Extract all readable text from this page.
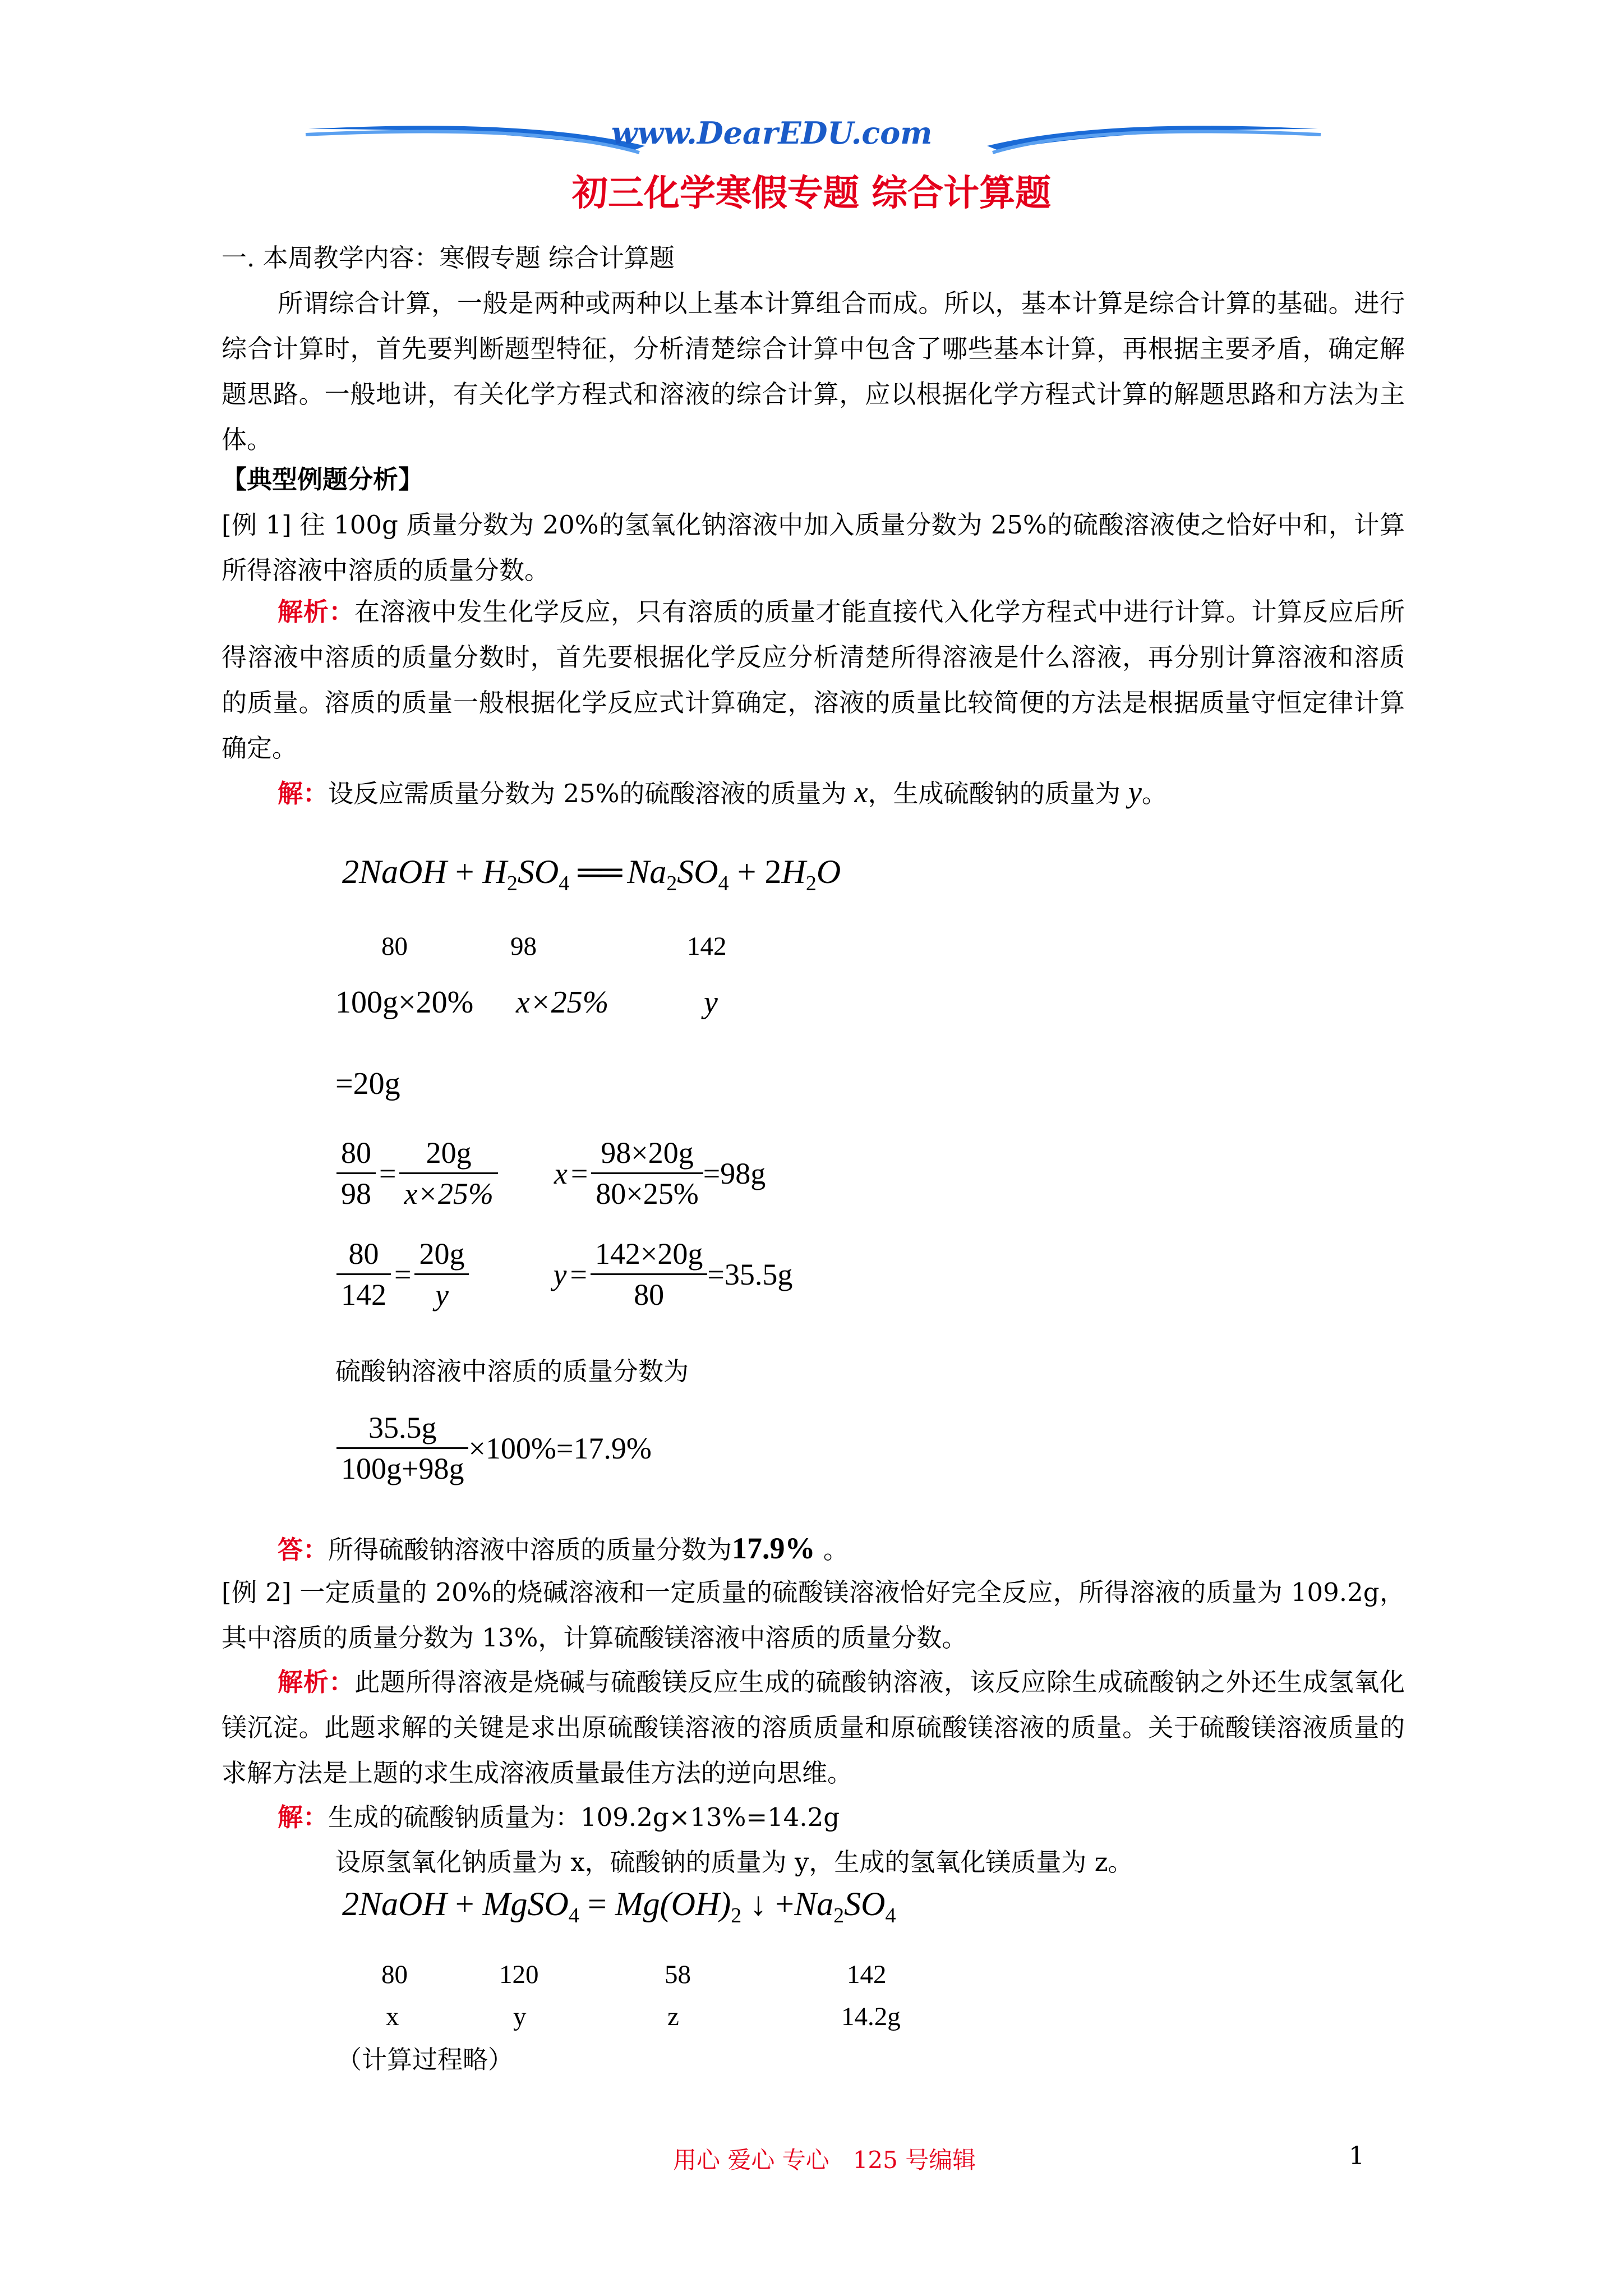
www.DearEDU.com
初三化学寒假专题 综合计算题
一. 本周教学内容：寒假专题 综合计算题
所谓综合计算，一般是两种或两种以上基本计算组合而成。所以，基本计算是综合计算的基础。进行综合计算时，首先要判断题型特征，分析清楚综合计算中包含了哪些基本计算，再根据主要矛盾，确定解题思路。一般地讲，有关化学方程式和溶液的综合计算，应以根据化学方程式计算的解题思路和方法为主体。
【典型例题分析】
[例 1] 往 100g 质量分数为 20%的氢氧化钠溶液中加入质量分数为 25%的硫酸溶液使之恰好中和，计算所得溶液中溶质的质量分数。
解析：在溶液中发生化学反应，只有溶质的质量才能直接代入化学方程式中进行计算。计算反应后所得溶液中溶质的质量分数时，首先要根据化学反应分析清楚所得溶液是什么溶液，再分别计算溶液和溶质的质量。溶质的质量一般根据化学反应式计算确定，溶液的质量比较简便的方法是根据质量守恒定律计算确定。
解：设反应需质量分数为 25%的硫酸溶液的质量为 x，生成硫酸钠的质量为 y。
2NaOH + $H_2SO_4$ ══ $Na_2SO_4 + 2H_2O$
80	98	142
100g×20% x×25%	y
=20g
$\frac{80}{98} = \frac{20g}{x\times 25\%}$ $x = \frac{98\times 20g}{80\times 25\%} =98g$
$\frac{80}{142} = \frac{20g}{y}$	$y = \frac{142\times 20g}{80} =35.5g$
硫酸钠溶液中溶质的质量分数为
$\frac{35.5g}{100g+98g} \times 100\%=17.9\%$
答：所得硫酸钠溶液中溶质的质量分数为17.9% 。
[例 2] 一定质量的 20%的烧碱溶液和一定质量的硫酸镁溶液恰好完全反应，所得溶液的质量为 109.2g，其中溶质的质量分数为 13%，计算硫酸镁溶液中溶质的质量分数。
解析：此题所得溶液是烧碱与硫酸镁反应生成的硫酸钠溶液，该反应除生成硫酸钠之外还生成氢氧化镁沉淀。此题求解的关键是求出原硫酸镁溶液的溶质质量和原硫酸镁溶液的质量。关于硫酸镁溶液质量的求解方法是上题的求生成溶液质量最佳方法的逆向思维。
解：生成的硫酸钠质量为：109.2g×13%=14.2g
设原氢氧化钠质量为 x，硫酸钠的质量为 y，生成的氢氧化镁质量为 z。
2NaOH + MgSO$_4$ = $Mg(OH)_2$ ↓ $+Na_2SO_4$
80	120	58	142
x	y	z	14.2g
（计算过程略）
用心 爱心 专心　125 号编辑	1
